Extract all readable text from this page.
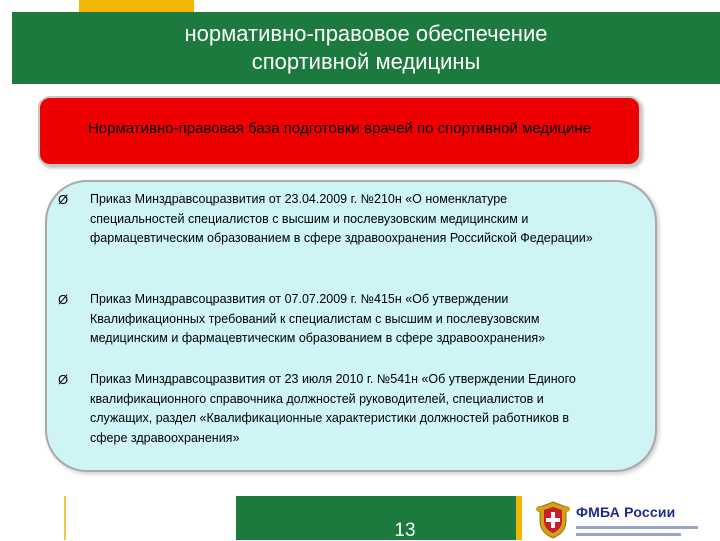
нормативно-правовое обеспечение спортивной медицины
Нормативно-правовая база подготовки врачей по спортивной медицине
Ø Приказ Минздравсоцразвития от 23.04.2009 г. №210н «О номенклатуре специальностей специалистов с высшим и послевузовским медицинским и фармацевтическим образованием в сфере здравоохранения Российской Федерации»
Ø Приказ Минздравсоцразвития от 07.07.2009 г. №415н «Об утверждении Квалификационных требований к специалистам с высшим и послевузовским медицинским и фармацевтическим образованием в сфере здравоохранения»
Ø Приказ Минздравсоцразвития от 23 июля 2010 г. №541н «Об утверждении Единого квалификационного справочника должностей руководителей, специалистов и служащих, раздел «Квалификационные характеристики должностей работников в сфере здравоохранения»
13
ФМБА России
